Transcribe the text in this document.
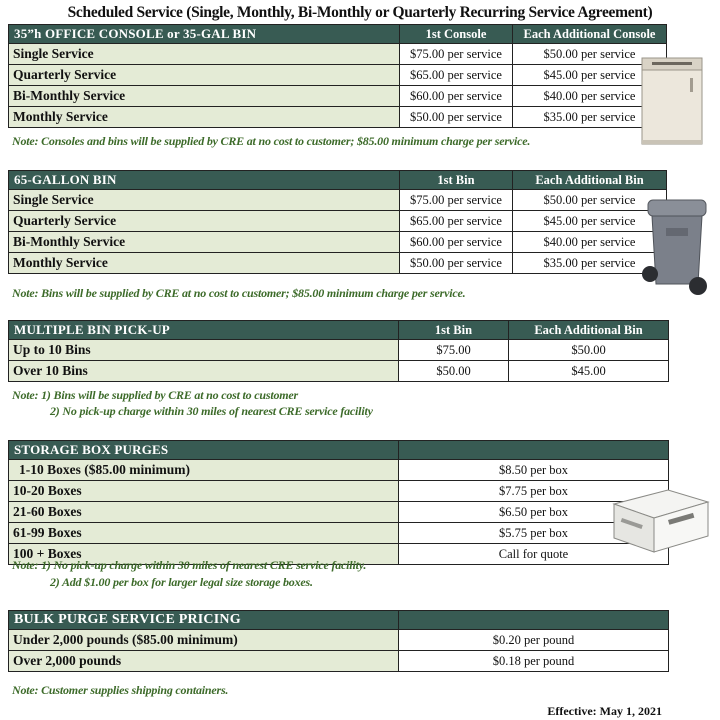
Scheduled Service (Single, Monthly, Bi-Monthly or Quarterly Recurring Service Agreement)
35”h OFFICE CONSOLE or 35-GAL BIN	1st Console	Each Additional Console
Single Service	$75.00 per service	$50.00 per service
Quarterly Service	$65.00 per service	$45.00 per service
Bi-Monthly Service	$60.00 per service	$40.00 per service
Monthly Service	$50.00 per service	$35.00 per service
Note: Consoles and bins will be supplied by CRE at no cost to customer; $85.00 minimum charge per service.
65-GALLON BIN	1st Bin	Each Additional Bin
Single Service	$75.00 per service	$50.00 per service
Quarterly Service	$65.00 per service	$45.00 per service
Bi-Monthly Service	$60.00 per service	$40.00 per service
Monthly Service	$50.00 per service	$35.00 per service
Note: Bins will be supplied by CRE at no cost to customer; $85.00 minimum charge per service.
MULTIPLE BIN PICK-UP	1st Bin	Each Additional Bin
Up to 10 Bins	$75.00	$50.00
Over 10 Bins	$50.00	$45.00
Note: 1) Bins will be supplied by CRE at no cost to customer
2) No pick-up charge within 30 miles of nearest CRE service facility
STORAGE BOX PURGES	
1-10 Boxes ($85.00 minimum)	$8.50 per box
10-20 Boxes	$7.75 per box
21-60 Boxes	$6.50 per box
61-99 Boxes	$5.75 per box
100 + Boxes	Call for quote
Note: 1) No pick-up charge within 30 miles of nearest CRE service facility.
2) Add $1.00 per box for larger legal size storage boxes.
BULK PURGE SERVICE PRICING	
Under 2,000 pounds ($85.00 minimum)	$0.20 per pound
Over 2,000 pounds	$0.18 per pound
Note: Customer supplies shipping containers.
Effective: May 1, 2021
